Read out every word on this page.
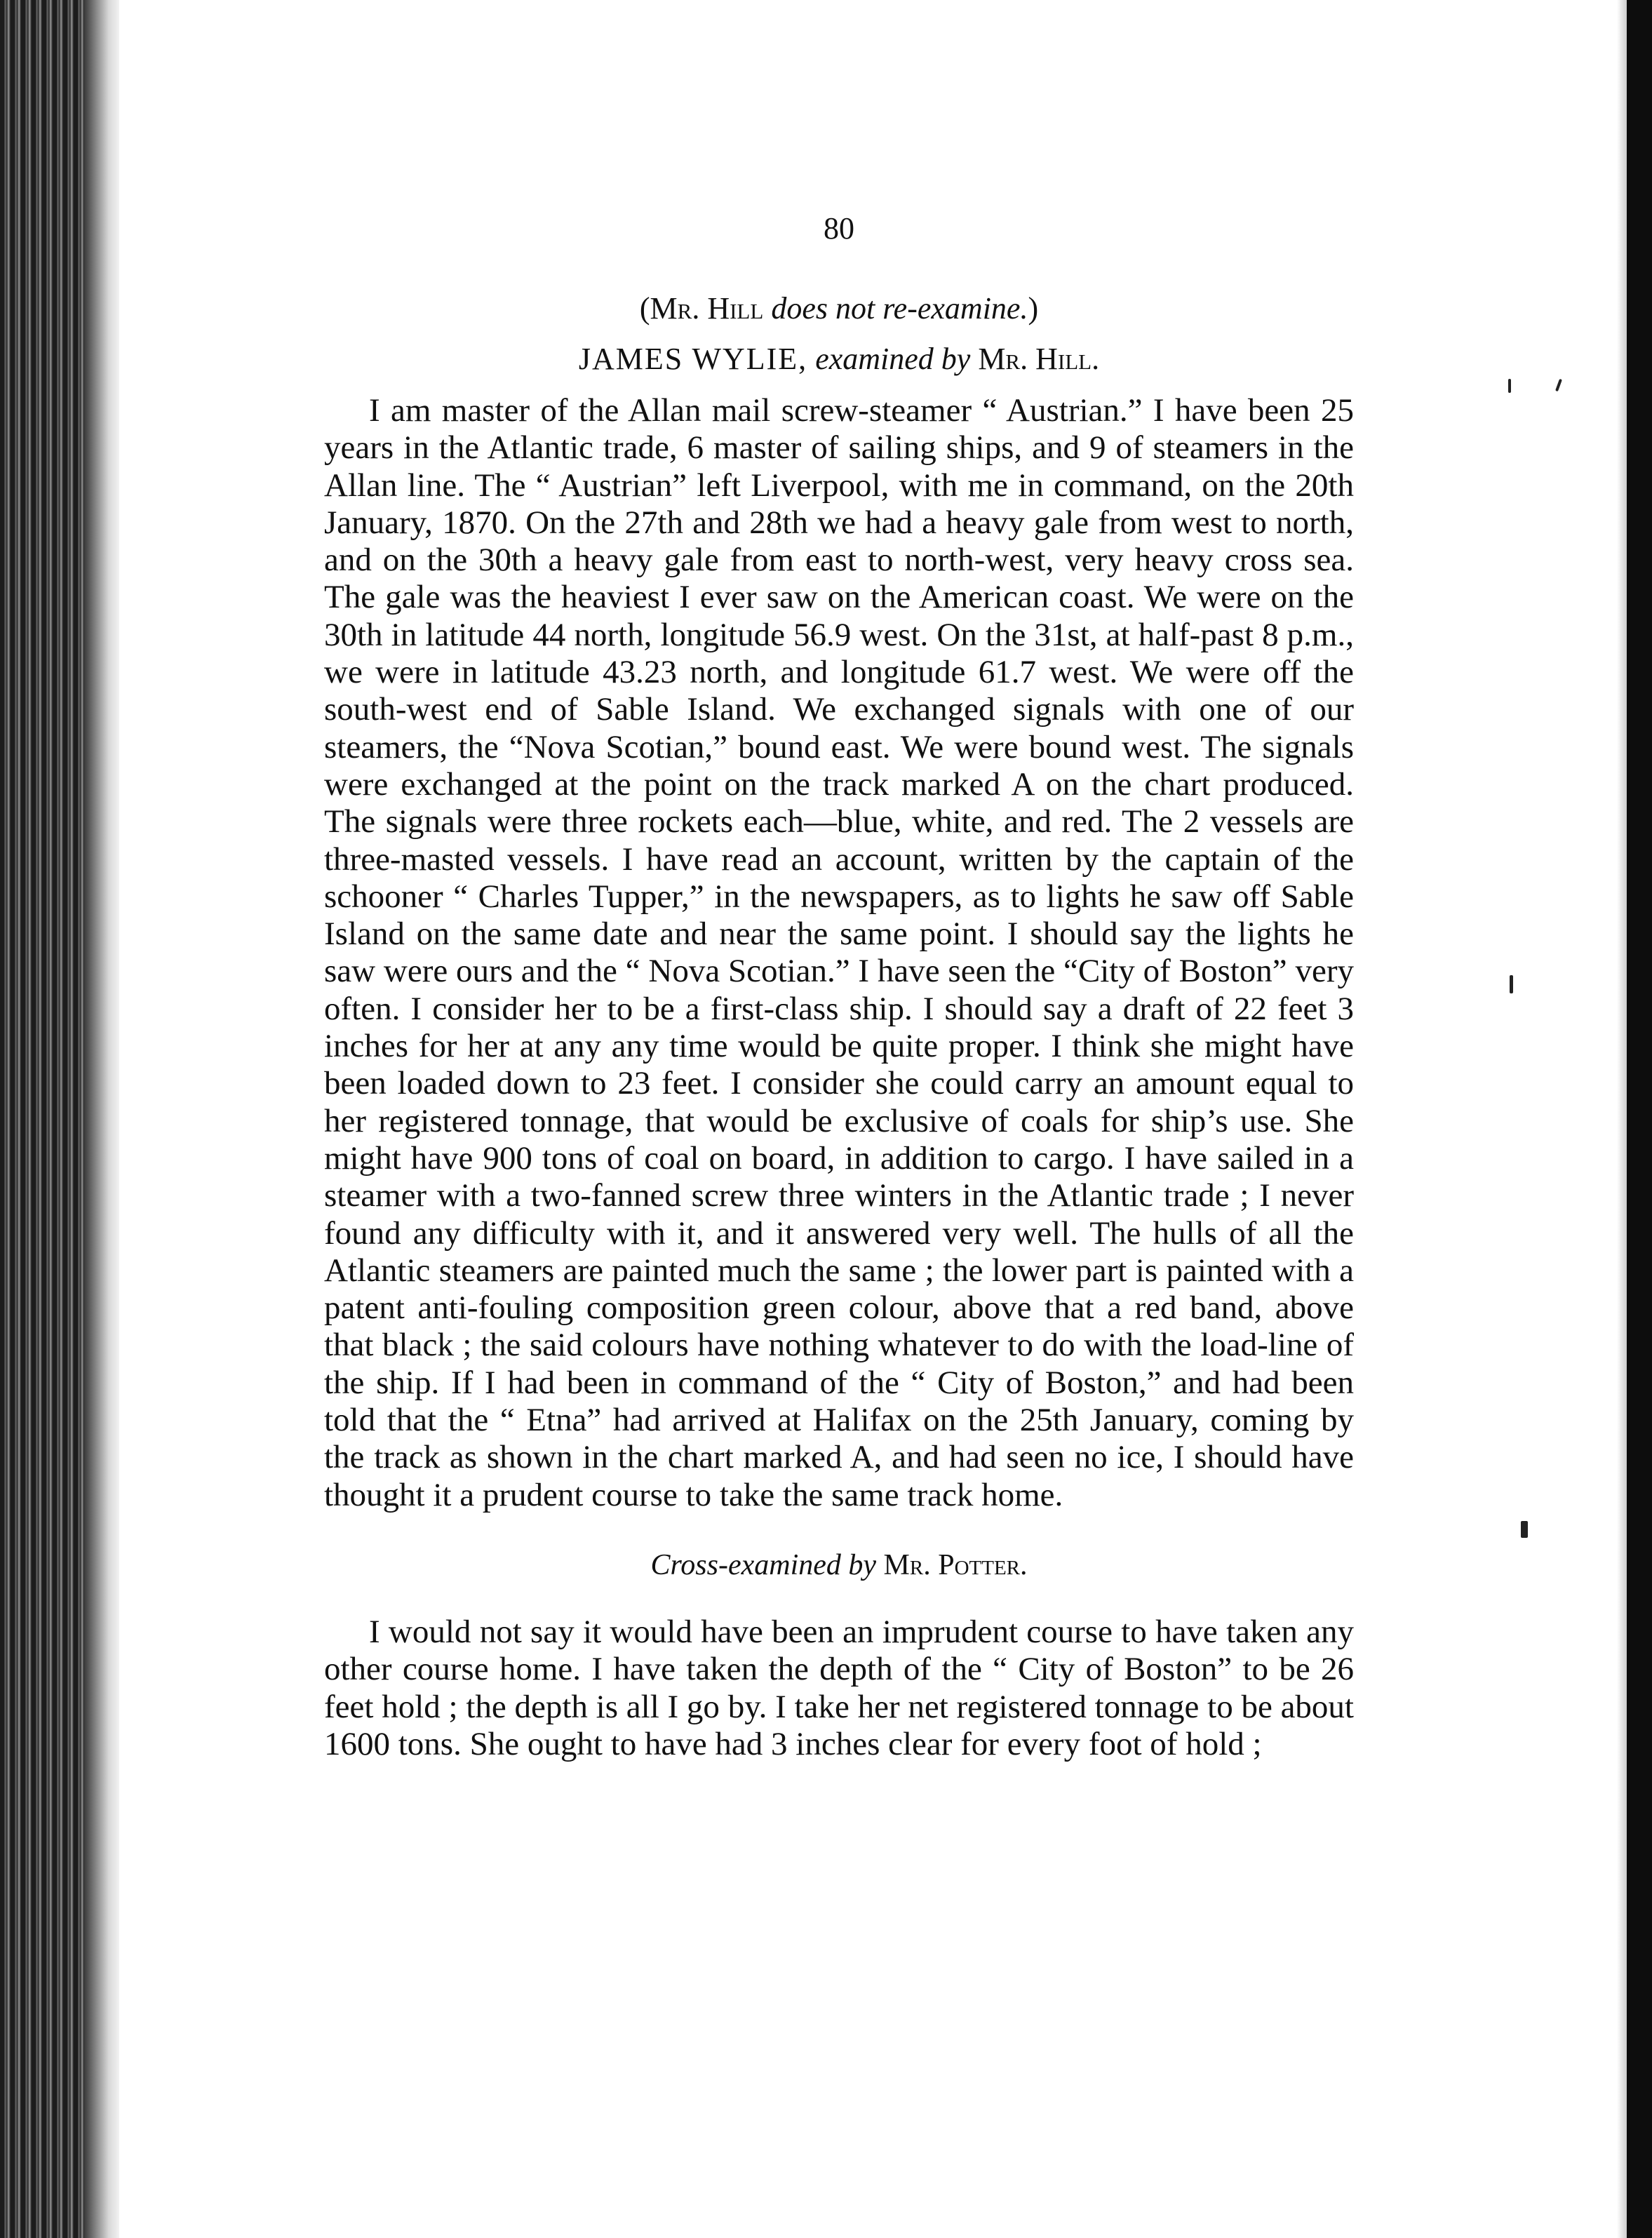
80
(Mr. Hill does not re-examine.)
JAMES WYLIE, examined by Mr. Hill.

I am master of the Allan mail screw-steamer “ Austrian.” I have been 25 years in the Atlantic trade, 6 master of sailing ships, and 9 of steamers in the Allan line. The “ Austrian” left Liverpool, with me in command, on the 20th January, 1870. On the 27th and 28th we had a heavy gale from west to north, and on the 30th a heavy gale from east to north-west, very heavy cross sea. The gale was the heaviest I ever saw on the American coast. We were on the 30th in latitude 44 north, longitude 56.9 west. On the 31st, at half-past 8 p.m., we were in latitude 43.23 north, and longitude 61.7 west. We were off the south-west end of Sable Island. We exchanged signals with one of our steamers, the “Nova Scotian,” bound east. We were bound west. The signals were exchanged at the point on the track marked A on the chart produced. The signals were three rockets each—blue, white, and red. The 2 vessels are three-masted vessels. I have read an account, written by the captain of the schooner “ Charles Tupper,” in the newspapers, as to lights he saw off Sable Island on the same date and near the same point. I should say the lights he saw were ours and the “ Nova Scotian.” I have seen the “City of Boston” very often. I consider her to be a first-class ship. I should say a draft of 22 feet 3 inches for her at any any time would be quite proper. I think she might have been loaded down to 23 feet. I consider she could carry an amount equal to her registered tonnage, that would be exclusive of coals for ship’s use. She might have 900 tons of coal on board, in addition to cargo. I have sailed in a steamer with a two-fanned screw three winters in the Atlantic trade ; I never found any difficulty with it, and it answered very well. The hulls of all the Atlantic steamers are painted much the same ; the lower part is painted with a patent anti-fouling composition green colour, above that a red band, above that black ; the said colours have nothing whatever to do with the load-line of the ship. If I had been in command of the “ City of Boston,” and had been told that the “ Etna” had arrived at Halifax on the 25th January, coming by the track as shown in the chart marked A, and had seen no ice, I should have thought it a prudent course to take the same track home.

Cross-examined by Mr. Potter.

I would not say it would have been an imprudent course to have taken any other course home. I have taken the depth of the “ City of Boston” to be 26 feet hold ; the depth is all I go by. I take her net registered tonnage to be about 1600 tons. She ought to have had 3 inches clear for every foot of hold ;
